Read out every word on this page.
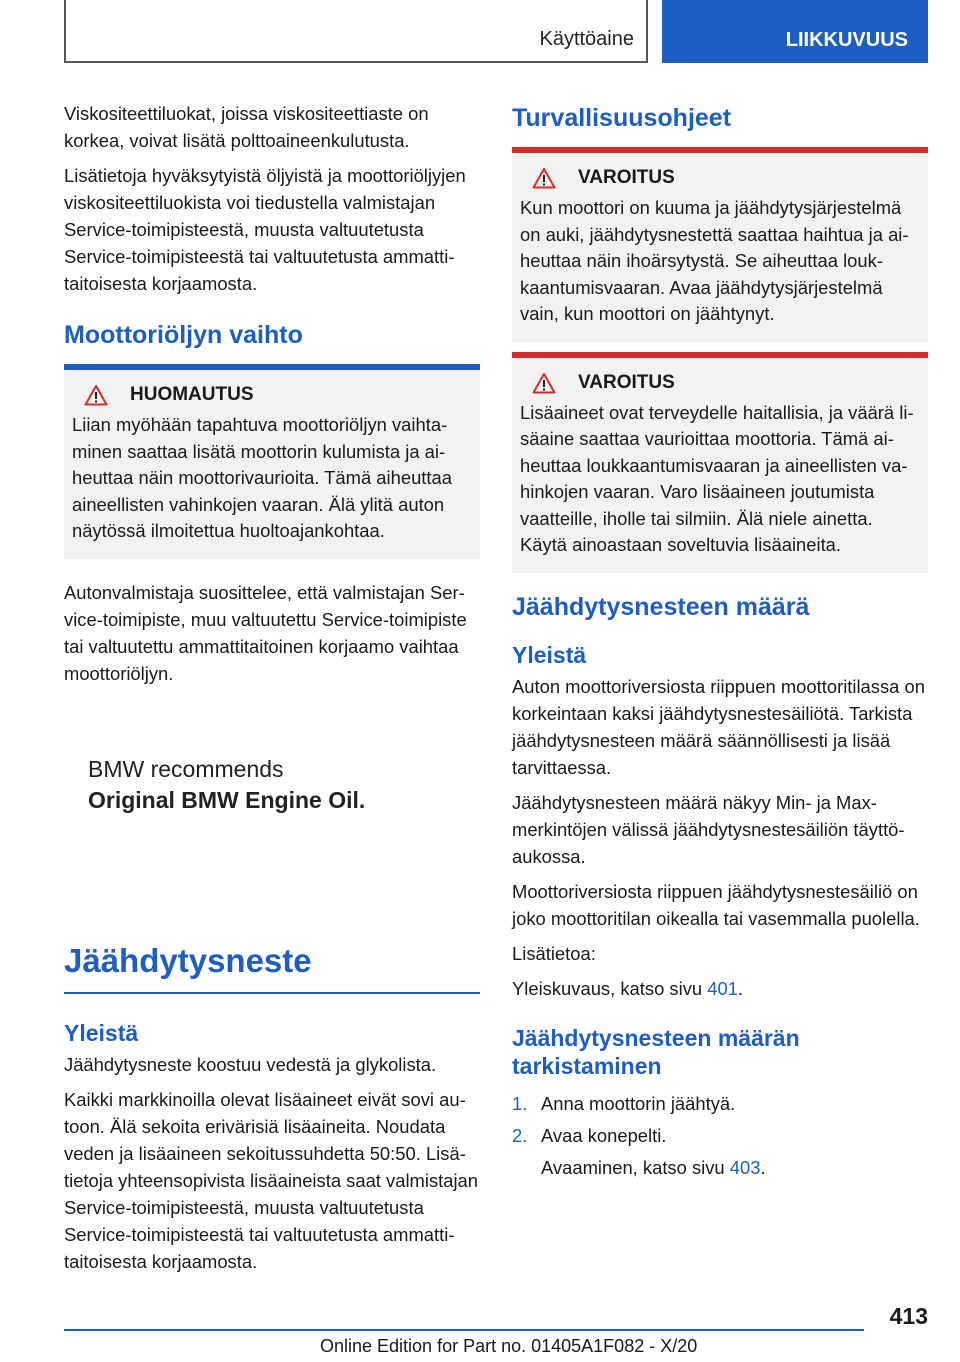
Käyttöaine	LIIKKUVUUS

Viskositeettiluokat, joissa viskositeettiaste on korkea, voivat lisätä polttoaineenkulutusta.

Lisätietoja hyväksytyistä öljyistä ja moottoriöljyjen viskositeettiluokista voi tiedustella valmistajan Service-toimipisteestä, muusta valtuutetusta Service-toimipisteestä tai valtuutetusta ammattitaitoisesta korjaamosta.

Moottoriöljyn vaihto
HUOMAUTUS

Liian myöhään tapahtuva moottoriöljyn vaihtaminen saattaa lisätä moottorin kulumista ja aiheuttaa näin moottorivaurioita. Tämä aiheuttaa aineellisten vahinkojen vaaran. Älä ylitä auton näytössä ilmoitettua huoltoajankohtaa.

Autonvalmistaja suosittelee, että valmistajan Service-toimipiste, muu valtuutettu Service-toimipiste tai valtuutettu ammattitaitoinen korjaamo vaihtaa moottoriöljyn.

BMW recommends
Original BMW Engine Oil.
Jäähdytysneste
Yleistä

Jäähdytysneste koostuu vedestä ja glykolista.

Kaikki markkinoilla olevat lisäaineet eivät sovi autoon. Älä sekoita erivärisiä lisäaineita. Noudata veden ja lisäaineen sekoitussuhdetta 50:50. Lisätietoja yhteensopivista lisäaineista saat valmistajan Service-toimipisteestä, muusta valtuutetusta Service-toimipisteestä tai valtuutetusta ammattitaitoisesta korjaamosta.

Turvallisuusohjeet
VAROITUS

Kun moottori on kuuma ja jäähdytysjärjestelmä on auki, jäähdytysnestettä saattaa haihtua ja aiheuttaa näin ihoärsytystä. Se aiheuttaa loukkaantumisvaaran. Avaa jäähdytysjärjestelmä vain, kun moottori on jäähtynyt.

VAROITUS

Lisäaineet ovat terveydelle haitallisia, ja väärä lisäaine saattaa vaurioittaa moottoria. Tämä aiheuttaa loukkaantumisvaaran ja aineellisten vahinkojen vaaran. Varo lisäaineen joutumista vaatteille, iholle tai silmiin. Älä niele ainetta. Käytä ainoastaan soveltuvia lisäaineita.

Jäähdytysnesteen määrä
Yleistä

Auton moottoriversiosta riippuen moottoritilassa on korkeintaan kaksi jäähdytysnestesäiliötä. Tarkista jäähdytysnesteen määrä säännöllisesti ja lisää tarvittaessa.

Jäähdytysnesteen määrä näkyy Min- ja Max-merkintöjen välissä jäähdytysnestesäiliön täyttöaukossa.

Moottoriversiosta riippuen jäähdytysnestesäiliö on joko moottoritilan oikealla tai vasemmalla puolella.

Lisätietoa:

Yleiskuvaus, katso sivu 401.

Jäähdytysnesteen määrän tarkistaminen
1. Anna moottorin jäähtyä.
2. Avaa konepelti.
Avaaminen, katso sivu 403.
413
Online Edition for Part no. 01405A1F082 - X/20
